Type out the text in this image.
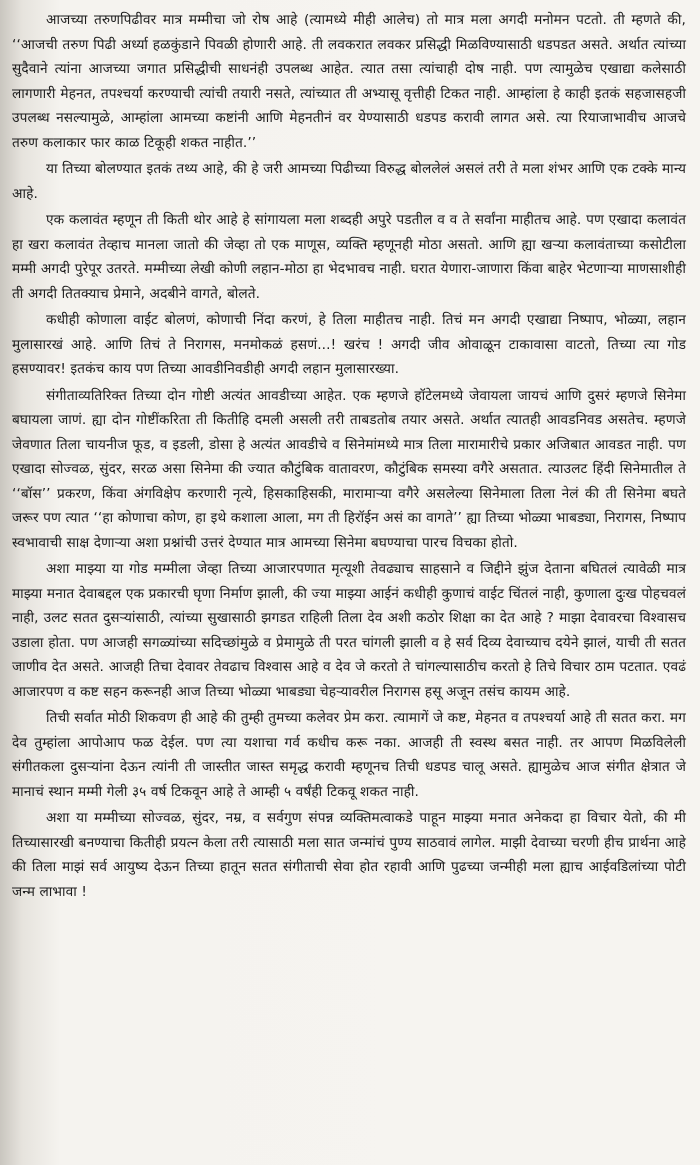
आजच्या तरुणपिढीवर मात्र मम्मीचा जो रोष आहे (त्यामध्ये मीही आलेच) तो मात्र मला अगदी मनोमन पटतो. ती म्हणते की, ‘‘आजची तरुण पिढी अर्ध्या हळकुंडाने पिवळी होणारी आहे. ती लवकरात लवकर प्रसिद्धी मिळविण्यासाठी धडपडत असते. अर्थात त्यांच्या सुदैवाने त्यांना आजच्या जगात प्रसिद्धीची साधनंही उपलब्ध आहेत. त्यात तसा त्यांचाही दोष नाही. पण त्यामुळेच एखाद्या कलेसाठी लागणारी मेहनत, तपश्चर्या करण्याची त्यांची तयारी नसते, त्यांच्यात ती अभ्यासू वृत्तीही टिकत नाही. आम्हांला हे काही इतकं सहजासहजी उपलब्ध नसल्यामुळे, आम्हांला आमच्या कष्टांनी आणि मेहनतीनं वर येण्यासाठी धडपड करावी लागत असे. त्या रियाजाभावीच आजचे तरुण कलाकार फार काळ टिकूही शकत नाहीत.’’

या तिच्या बोलण्यात इतकं तथ्य आहे, की हे जरी आमच्या पिढीच्या विरुद्ध बोललेलं असलं तरी ते मला शंभर आणि एक टक्के मान्य आहे.

एक कलावंत म्हणून ती किती थोर आहे हे सांगायला मला शब्दही अपुरे पडतील व व ते सर्वांना माहीतच आहे. पण एखादा कलावंत हा खरा कलावंत तेव्हाच मानला जातो की जेव्हा तो एक माणूस, व्यक्ति म्हणूनही मोठा असतो. आणि ह्या खऱ्या कलावंताच्या कसोटीला मम्मी अगदी पुरेपूर उतरते. मम्मीच्या लेखी कोणी लहान-मोठा हा भेदभावच नाही. घरात येणारा-जाणारा किंवा बाहेर भेटणाऱ्या माणसाशीही ती अगदी तितक्याच प्रेमाने, अदबीने वागते, बोलते.

कधीही कोणाला वाईट बोलणं, कोणाची निंदा करणं, हे तिला माहीतच नाही. तिचं मन अगदी एखाद्या निष्पाप, भोळ्या, लहान मुलासारखं आहे. आणि तिचं ते निरागस, मनमोकळं हसणं...! खरंच ! अगदी जीव ओवाळून टाकावासा वाटतो, तिच्या त्या गोड हसण्यावर! इतकंच काय पण तिच्या आवडीनिवडीही अगदी लहान मुलासारख्या.

संगीताव्यतिरिक्त तिच्या दोन गोष्टी अत्यंत आवडीच्या आहेत. एक म्हणजे हॉटेलमध्ये जेवायला जायचं आणि दुसरं म्हणजे सिनेमा बघायला जाणं. ह्या दोन गोष्टींकरिता ती कितीहि दमली असली तरी ताबडतोब तयार असते. अर्थात त्यातही आवडनिवड असतेच. म्हणजे जेवणात तिला चायनीज फूड, व इडली, डोसा हे अत्यंत आवडीचे व सिनेमांमध्ये मात्र तिला मारामारीचे प्रकार अजिबात आवडत नाही. पण एखादा सोज्वळ, सुंदर, सरळ असा सिनेमा की ज्यात कौटुंबिक वातावरण, कौटुंबिक समस्या वगैरे असतात. त्याउलट हिंदी सिनेमातील ते ‘‘बॉस’’ प्रकरण, किंवा अंगविक्षेप करणारी नृत्ये, हिसकाहिसकी, मारामाऱ्या वगैरे असलेल्या सिनेमाला तिला नेलं की ती सिनेमा बघते जरूर पण त्यात ‘‘हा कोणाचा कोण, हा इथे कशाला आला, मग ती हिरॉईन असं का वागते’’ ह्या तिच्या भोळ्या भाबड्या, निरागस, निष्पाप स्वभावाची साक्ष देणाऱ्या अशा प्रश्नांची उत्तरं देण्यात मात्र आमच्या सिनेमा बघण्याचा पारच विचका होतो.

अशा माझ्या या गोड मम्मीला जेव्हा तिच्या आजारपणात मृत्यूशी तेवढ्याच साहसाने व जिद्दीने झुंज देताना बघितलं त्यावेळी मात्र माझ्या मनात देवाबद्दल एक प्रकारची घृणा निर्माण झाली, की ज्या माझ्या आईनं कधीही कुणाचं वाईट चिंतलं नाही, कुणाला दुःख पोहचवलं नाही, उलट सतत दुसऱ्यांसाठी, त्यांच्या सुखासाठी झगडत राहिली तिला देव अशी कठोर शिक्षा का देत आहे ? माझा देवावरचा विश्वासच उडाला होता. पण आजही सगळ्यांच्या सदिच्छांमुळे व प्रेमामुळे ती परत चांगली झाली व हे सर्व दिव्य देवाच्याच दयेने झालं, याची ती सतत जाणीव देत असते. आजही तिचा देवावर तेवढाच विश्वास आहे व देव जे करतो ते चांगल्यासाठीच करतो हे तिचे विचार ठाम पटतात. एवढं आजारपण व कष्ट सहन करूनही आज तिच्या भोळ्या भाबड्या चेहऱ्यावरील निरागस हसू अजून तसंच कायम आहे.

तिची सर्वात मोठी शिकवण ही आहे की तुम्ही तुमच्या कलेवर प्रेम करा. त्यामागें जे कष्ट, मेहनत व तपश्चर्या आहे ती सतत करा. मग देव तुम्हांला आपोआप फळ देईल. पण त्या यशाचा गर्व कधीच करू नका. आजही ती स्वस्थ बसत नाही. तर आपण मिळविलेली संगीतकला दुसऱ्यांना देऊन त्यांनी ती जास्तीत जास्त समृद्ध करावी म्हणूनच तिची धडपड चालू असते. ह्यामुळेच आज संगीत क्षेत्रात जे मानाचं स्थान मम्मी गेली ३५ वर्ष टिकवून आहे ते आम्ही ५ वर्षंही टिकवू शकत नाही.

अशा या मम्मीच्या सोज्वळ, सुंदर, नम्र, व सर्वगुण संपन्न व्यक्तिमत्वाकडे पाहून माझ्या मनात अनेकदा हा विचार येतो, की मी तिच्यासारखी बनण्याचा कितीही प्रयत्न केला तरी त्यासाठी मला सात जन्मांचं पुण्य साठवावं लागेल. माझी देवाच्या चरणी हीच प्रार्थना आहे की तिला माझं सर्व आयुष्य देऊन तिच्या हातून सतत संगीताची सेवा होत रहावी आणि पुढच्या जन्मीही मला ह्याच आईवडिलांच्या पोटी जन्म लाभावा !
